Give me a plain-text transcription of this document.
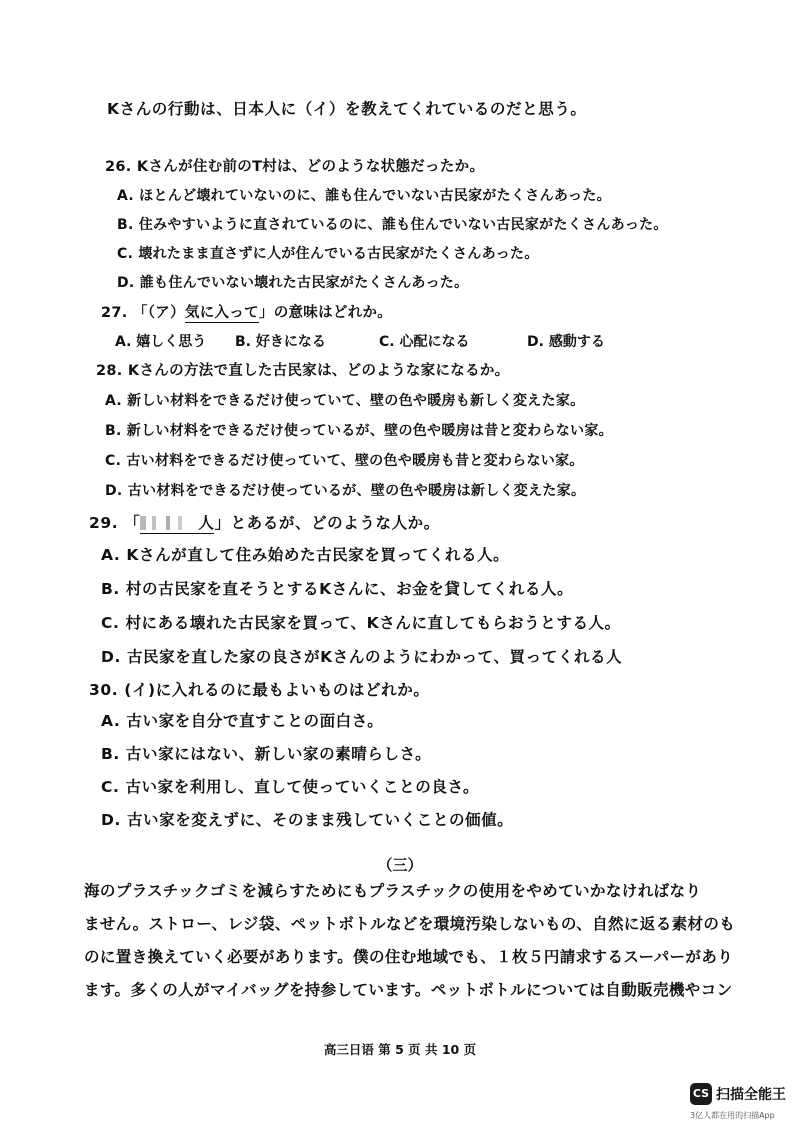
Kさんの行動は、日本人に（イ）を教えてくれているのだと思う。
26. Kさんが住む前のT村は、どのような状態だったか。
A. ほとんど壊れていないのに、誰も住んでいない古民家がたくさんあった。
B. 住みやすいように直されているのに、誰も住んでいない古民家がたくさんあった。
C. 壊れたまま直さずに人が住んでいる古民家がたくさんあった。
D. 誰も住んでいない壊れた古民家がたくさんあった。
27. 「（ア）気に入って」の意味はどれか。
A. 嬉しく思う	B. 好きになる	C. 心配になる	D. 感動する
28. Kさんの方法で直した古民家は、どのような家になるか。
A. 新しい材料をできるだけ使っていて、壁の色や暖房も新しく変えた家。
B. 新しい材料をできるだけ使っているが、壁の色や暖房は昔と変わらない家。
C. 古い材料をできるだけ使っていて、壁の色や暖房も昔と変わらない家。
D. 古い材料をできるだけ使っているが、壁の色や暖房は新しく変えた家。
29. 「	人」とあるが、どのような人か。
A. Kさんが直して住み始めた古民家を買ってくれる人。
B. 村の古民家を直そうとするKさんに、お金を貸してくれる人。
C. 村にある壊れた古民家を買って、Kさんに直してもらおうとする人。
D. 古民家を直した家の良さがKさんのようにわかって、買ってくれる人
30. (イ)に入れるのに最もよいものはどれか。
A. 古い家を自分で直すことの面白さ。
B. 古い家にはない、新しい家の素晴らしさ。
C. 古い家を利用し、直して使っていくことの良さ。
D. 古い家を変えずに、そのまま残していくことの価値。
（三）
海のプラスチックゴミを減らすためにもプラスチックの使用をやめていかなければなり
ません。ストロー、レジ袋、ペットボトルなどを環境汚染しないもの、自然に返る素材のも
のに置き換えていく必要があります。僕の住む地域でも、１枚５円請求するスーパーがあり
ます。多くの人がマイバッグを持参しています。ペットボトルについては自動販売機やコン
高三日语 第 5 页 共 10 页
CS 扫描全能王
3亿人都在用的扫描App
